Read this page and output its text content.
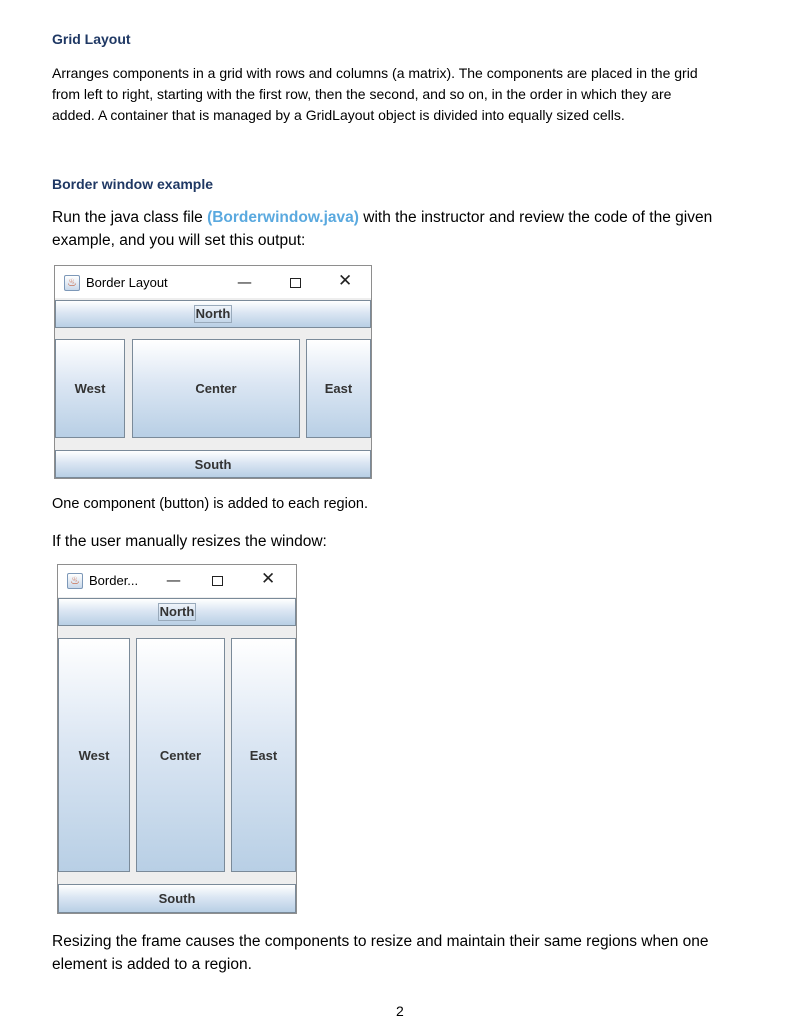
Grid Layout
Arranges components in a grid with rows and columns (a matrix). The components are placed in the grid
from left to right, starting with the first row, then the second, and so on, in the order in which they are
added. A container that is managed by a GridLayout object is divided into equally sized cells.
Border window example
Run the java class file (Borderwindow.java) with the instructor and review the code of the given
example, and you will set this output:
♨ Border Layout	—	✕
North
West	Center	East
South
One component (button) is added to each region.
If the user manually resizes the window:
♨ Border... —	✕
North
West	Center	East
South
Resizing the frame causes the components to resize and maintain their same regions when one
element is added to a region.
2
